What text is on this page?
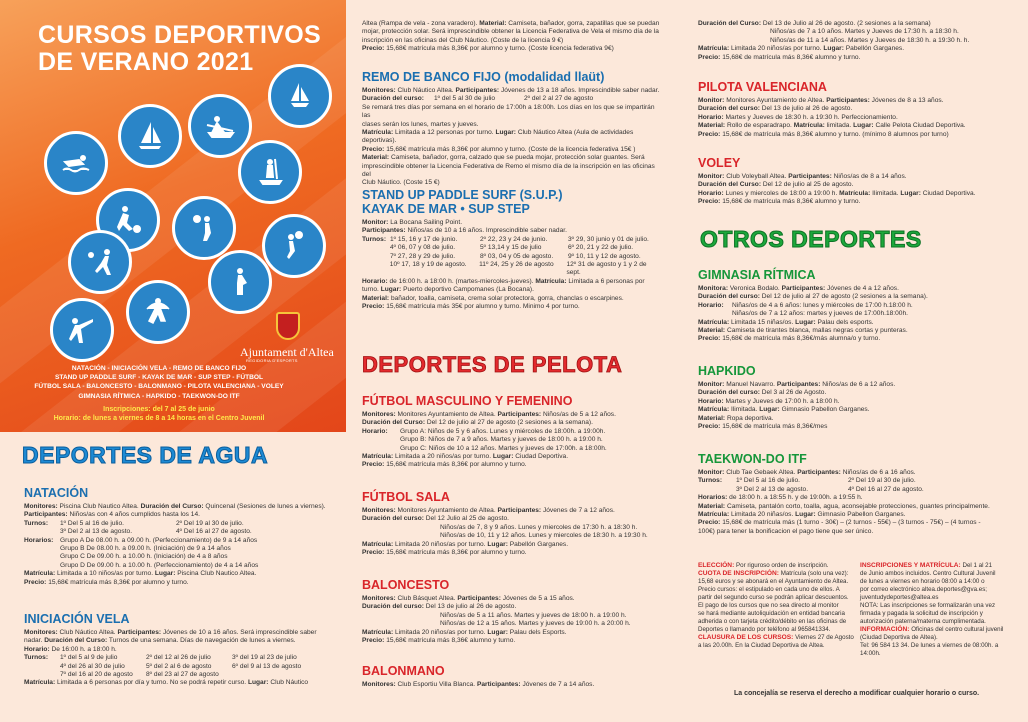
CURSOS DEPORTIVOS
DE VERANO 2021
Ajuntament d'Altea
REGIDORIA D'ESPORTS
NATACIÓN - INICIACIÓN VELA - REMO DE BANCO FIJO
STAND UP PADDLE SURF - KAYAK DE MAR - SUP STEP - FÚTBOL
FÚTBOL SALA - BALONCESTO - BALONMANO - PILOTA VALENCIANA - VOLEY
GIMNASIA RÍTMICA - HAPKIDO - TAEKWON-DO ITF
Inscripciones: del 7 al 25 de junio
Horario: de lunes a viernes de 8 a 14 horas en el Centro Juvenil
DEPORTES DE AGUA
NATACIÓN
Monitores: Piscina Club Nautico Altea. Duración del Curso: Quincenal (Sesiones de lunes a viernes).
Participantes: Niños/as con 4 años cumplidos hasta los 14.
Turnos:	1º Del 5 al 16 de julio.	2º Del 19 al 30 de julio.
3º Del 2 al 13 de agosto.	4º Del 16 al 27 de agosto.
Horarios:	Grupo A De 08.00 h. a 09.00 h. (Perfeccionamiento) de 9 a 14 años
Grupo B De 08.00 h. a 09.00 h. (Iniciación) de 9 a 14 años
Grupo C De 09.00 h. a 10.00 h. (Iniciación) de 4 a 8 años
Grupo D De 09.00 h. a 10.00 h. (Perfeccionamiento) de 4 a 14 años
Matrícula: Limitada a 10 niños/as por turno. Lugar: Piscina Club Nautico Altea.
Precio: 15,68€ matrícula más 8,36€ por alumno y turno.
INICIACIÓN VELA
Monitores: Club Náutico Altea. Participantes: Jóvenes de 10 a 16 años. Será imprescindible saber
nadar. Duración del Curso: Turnos de una semana. Días de navegación de lunes a viernes.
Horario: De 16:00 h. a 18:00 h.
Turnos:	1º del 5 al 9 de julio	2º del 12 al 26 de julio	3º del 19 al 23 de julio
4º del 26 al 30 de julio	5º del 2 al 6 de agosto	6º del 9 al 13 de agosto
7º del 16 al 20 de agosto	8º del 23 al 27 de agosto
Matrícula: Limitada a 6 personas por día y turno. No se podrá repetir curso. Lugar: Club Náutico
Altea (Rampa de vela - zona varadero). Material: Camiseta, bañador, gorra, zapatillas que se puedan
mojar, protección solar. Será imprescindible obtener la Licencia Federativa de Vela el mismo día de la
inscripción en las oficinas del Club Náutico. (Coste de la licencia 9 €)
Precio: 15,68€ matrícula más 8,36€ por alumno y turno. (Coste licencia federativa 9€)
REMO DE BANCO FIJO (modalidad llaüt)
Monitores: Club Náutico Altea. Participantes: Jóvenes de 13 a 18 años. Imprescindible saber nadar.
Duración del curso:	1º del 5 al 30 de julio	2º del 2 al 27 de agosto
Se remará tres días por semana en el horario de 17:00h a 18:00h. Los días en los que se impartirán las
clases serán los lunes, martes y jueves.
Matrícula: Limitada a 12 personas por turno. Lugar: Club Náutico Altea (Aula de actividades deportivas).
Precio: 15,68€ matrícula más 8,36€ por alumno y turno. (Coste de la licencia federativa 15€ )
Material: Camiseta, bañador, gorra, calzado que se pueda mojar, protección solar guantes. Será
imprescindible obtener la Licencia Federativa de Remo el mismo día de la inscripción en las oficinas del
Club Náutico. (Coste 15 €)
STAND UP PADDLE SURF (S.U.P.)
KAYAK DE MAR • SUP STEP
Monitor: La Bocana Sailing Point.
Participantes: Niños/as de 10 a 16 años. Imprescindible saber nadar.
Turnos: 1º 15, 16 y 17 de junio.	2º 22, 23 y 24 de junio.	3º 29, 30 junio y 01 de julio.
4º 06, 07 y 08 de julio.	5º 13,14 y 15 de julio	6º 20, 21 y 22 de julio.
7º 27, 28 y 29 de julio.	8º 03, 04 y 05 de agosto.	9º 10, 11 y 12 de agosto.
10º 17, 18 y 19 de agosto.	11º 24, 25 y 26 de agosto	12º 31 de agosto y 1 y 2 de sept.
Horario: de 16:00 h. a 18:00 h. (martes-miercoles-jueves). Matrícula: Limitada a 6 personas por
turno. Lugar: Puerto deportivo Campomanes (La Bocana).
Material: bañador, toalla, camiseta, crema solar protectora, gorra, chanclas o escarpines.
Precio: 15,68€ matrícula más 35€ por alumno y turno. Minimo 4 por turno.
DEPORTES DE PELOTA
FÚTBOL MASCULINO Y FEMENINO
Monitores: Monitores Ayuntamiento de Altea. Participantes: Niños/as de 5 a 12 años.
Duración del Curso: Del 12 de julio al 27 de agosto (2 sesiones a la semana).
Horario:	Grupo A: Niños de 5 y 6 años. Lunes y miércoles de 18:00h. a 19:00h.
Grupo B: Niños de 7 a 9 años. Martes y jueves de 18:00 h. a 19:00 h.
Grupo C: Niños de 10 a 12 años. Martes y jueves de 17:00h. a 18:00h.
Matrícula: Limitada a 20 niños/as por turno. Lugar: Ciudad Deportiva.
Precio: 15,68€ matrícula más 8,36€ por alumno y turno.
FÚTBOL SALA
Monitores: Monitores Ayuntamiento de Altea. Participantes: Jóvenes de 7 a 12 años.
Duración del curso: Del 12 Julio al 25 de agosto.
Niños/as de 7, 8 y 9 años. Lunes y miercoles de 17:30 h. a 18:30 h.
Niños/as de 10, 11 y 12 años. Lunes y miercoles de 18:30 h. a 19:30 h.
Matrícula: Limitada 20 niños/as por turno. Lugar: Pabellón Garganes.
Precio: 15,68€ matrícula más 8,36€ por alumno y turno.
BALONCESTO
Monitores: Club Básquet Altea. Participantes: Jóvenes de 5 a 15 años.
Duración del curso: Del 13 de julio al 26 de agosto.
Niños/as de 5 a 11 años. Martes y jueves de 18:00 h. a 19:00 h.
Niños/as de 12 a 15 años. Martes y jueves de 19:00 h. a 20:00 h.
Matrícula: Limitada 20 niños/as por turno. Lugar: Palau dels Esports.
Precio: 15,68€ matrícula más 8,36€ alumno y turno.
BALONMANO
Monitores: Club Esportiu Villa Blanca. Participantes: Jóvenes de 7 a 14 años.
Duración del Curso: Del 13 de Julio al 26 de agosto. (2 sesiones a la semana)
Niños/as de 7 a 10 años. Martes y Jueves de 17:30 h. a 18:30 h.
Niños/as de 11 a 14 años. Martes y Jueves de 18:30 h. a 19:30 h. h.
Matrícula: Limitada 20 niños/as por turno. Lugar: Pabellón Garganes.
Precio: 15,68€ de matrícula más 8,36€ alumno y turno.
PILOTA VALENCIANA
Monitor: Monitores Ayuntamiento de Altea. Participantes: Jóvenes de 8 a 13 años.
Duración del curso: Del 13 de julio al 26 de agosto.
Horario: Martes y Jueves de 18:30 h. a 19:30 h. Perfeccionamiento.
Material: Rollo de esparadrapo. Matrícula: limitada. Lugar: Calle Pelota Ciudad Deportiva.
Precio: 15,68€ de matrícula más 8,36€ alumno y turno. (mínimo 8 alumnos por turno)
VOLEY
Monitor: Club Voleyball Altea. Participantes: Niños/as de 8 a 14 años.
Duración del Curso: Del 12 de julio al 25 de agosto.
Horario: Lunes y miercoles de 18:00 a 19:00 h. Matrícula: Ilimitada. Lugar: Ciudad Deportiva.
Precio: 15,68€ de matrícula más 8,36€ alumno y turno.
OTROS DEPORTES
GIMNASIA RÍTMICA
Monitora: Veronica Bodalo. Participantes: Jóvenes de 4 a 12 años.
Duración del curso: Del 12 de julio al 27 de agosto (2 sesiones a la semana).
Horario:	Niñas/os de 4 a 6 años: lunes y miércoles de 17:00 h.18:00 h.
Niñas/os de 7 a 12 años: martes y jueves de 17:00h.18:00h.
Matrícula: Limitada 15 niñas/os. Lugar: Palau dels esports.
Material: Camiseta de tirantes blanca, mallas negras cortas y punteras.
Precio: 15,68€ de matrícula más 8,36€/más alumna/o y turno.
HAPKIDO
Monitor: Manuel Navarro. Participantes: Niños/as de 6 a 12 años.
Duración del curso: Del 3 al 26 de Agosto.
Horario: Martes y Jueves de 17:00 h. a 18:00 h.
Matrícula: Ilimitada. Lugar: Gimnasio Pabellon Garganes.
Material: Ropa deportiva.
Precio: 15,68€ de matrícula más 8,36€/mes
TAEKWON-DO ITF
Monitor: Club Tae Gebaek Altea. Participantes: Niños/as de 6 a 16 años.
Turnos:	1º Del 5 al 16 de julio.	2º Del 19 al 30 de julio.
3º Del 2 al 13 de agosto.	4º Del 16 al 27 de agosto.
Horarios: de 18:00 h. a 18:55 h. y de 19:00h. a 19:55 h.
Material: Camiseta, pantalón corto, toalla, agua, aconsejable protecciones, guantes principalmente.
Matrícula: Limitada 20 niñas/os. Lugar: Gimnasio Pabellon Garganes.
Precio: 15,68€ de matrícula más (1 turno - 30€) – (2 turnos - 55€) – (3 turnos - 75€) – (4 turnos -
100€) para tener la bonificacion el pago tiene que ser único.
ELECCIÓN: Por riguroso orden de inscripción.
CUOTA DE INSCRIPCIÓN: Matrícula (solo una vez):
15,68 euros y se abonará en el Ayuntamiento de Altea.
Precio cursos: el estipulado en cada uno de ellos. A
partir del segundo curso se podrán aplicar descuentos.
El pago de los cursos que no sea directo al monitor
se hará mediante autoliquidación en entidad bancaria
adherida o con tarjeta crédito/débito en las oficinas de
Deportes o llamando por teléfono al 965841334.
CLAUSURA DE LOS CURSOS: Viernes 27 de Agosto
a las 20.00h. En la Ciudad Deportiva de Altea.
INSCRIPCIONES Y MATRÍCULA: Del 1 al 21
de Junio ambos incluidos. Centro Cultural Juvenil
de lunes a viernes en horario 08:00 a 14:00 o
por correo electrónico altea.deportes@gva.es;
juventudydeportes@altea.es
NOTA: Las inscripciones se formalizarán una vez
firmada y pagada la solicitud de inscripción y
autorización paterna/materna cumplimentada.
INFORMACIÓN: Oficinas del centro cultural juvenil
(Ciudad Deportiva de Altea).
Tel: 96 584 13 34. De lunes a viernes de 08:00h. a
14:00h.
La concejalía se reserva el derecho a modificar cualquier horario o curso.
